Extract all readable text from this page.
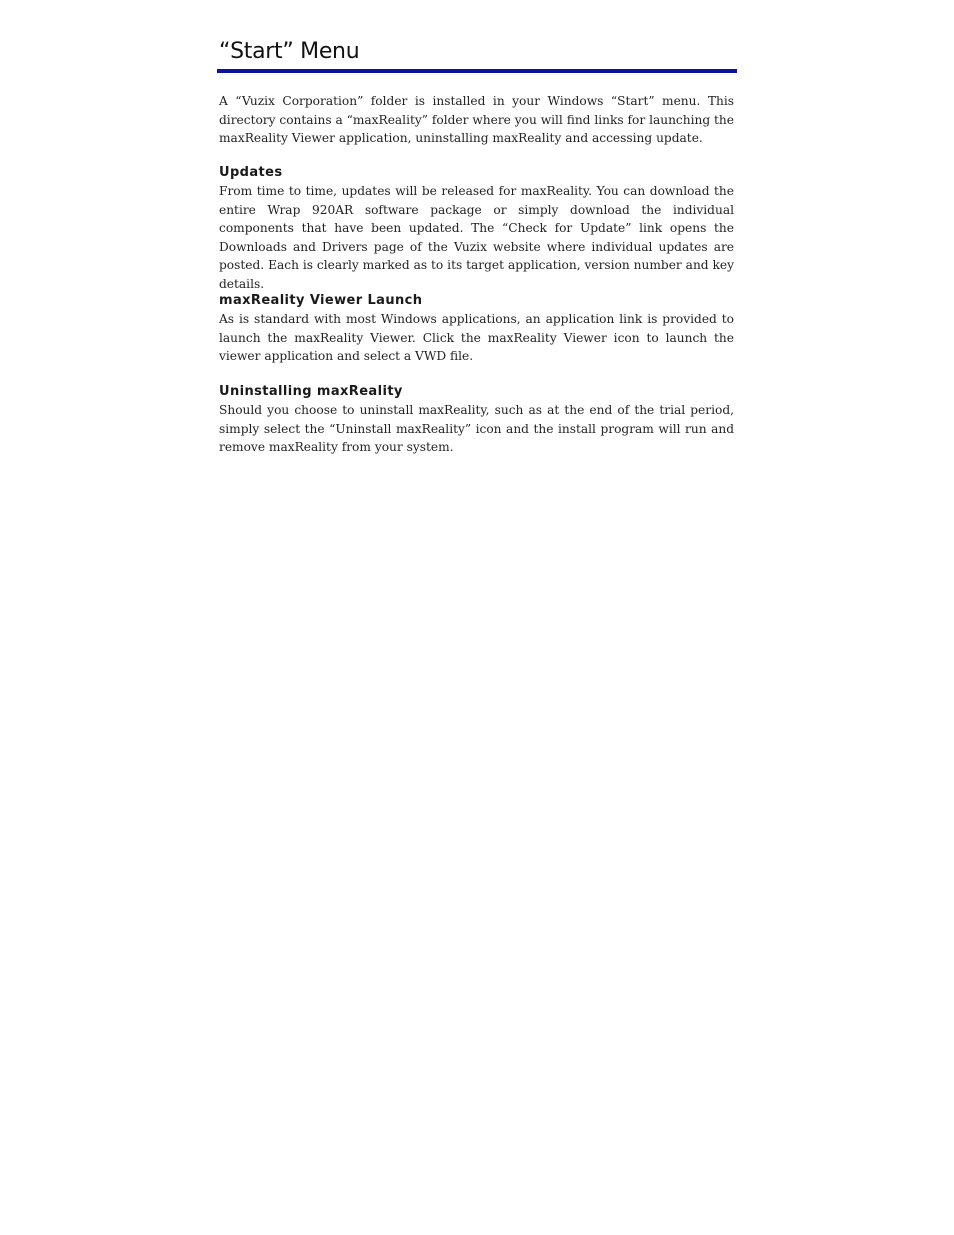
“Start” Menu

A “Vuzix Corporation” folder is installed in your Windows “Start” menu. This directory contains a “maxReality” folder where you will find links for launching the maxReality Viewer application, uninstalling maxReality and accessing update.

Updates

From time to time, updates will be released for maxReality. You can download the entire Wrap 920AR software package or simply download the individual components that have been updated. The “Check for Update” link opens the Downloads and Drivers page of the Vuzix website where individual updates are posted. Each is clearly marked as to its target application, version number and key details.

maxReality Viewer Launch

As is standard with most Windows applications, an application link is provided to launch the maxReality Viewer. Click the maxReality Viewer icon to launch the viewer application and select a VWD file.

Uninstalling maxReality

Should you choose to uninstall maxReality, such as at the end of the trial period, simply select the “Uninstall maxReality” icon and the install program will run and remove maxReality from your system.
